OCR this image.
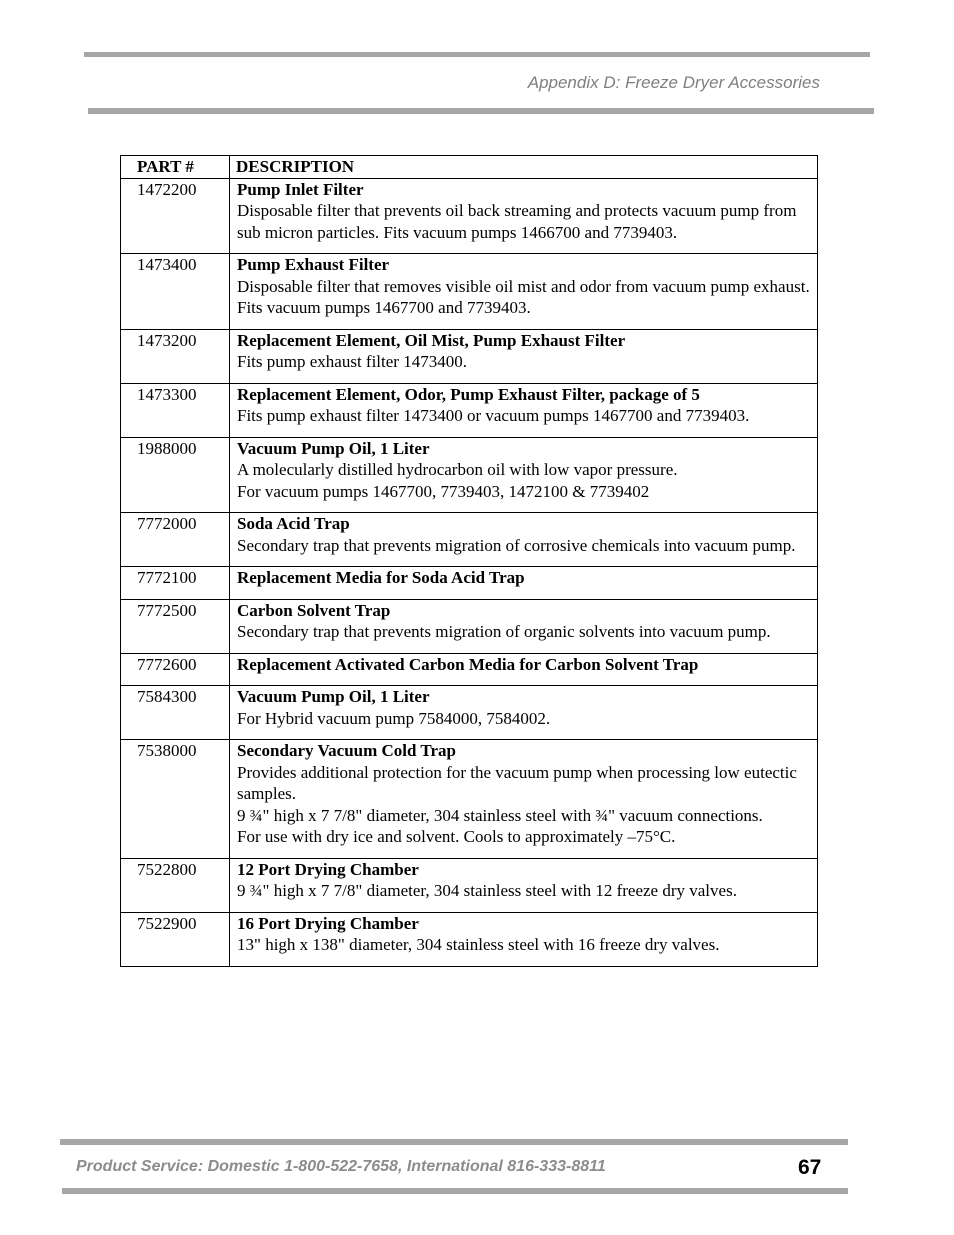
Appendix D: Freeze Dryer Accessories
PART #	DESCRIPTION
1472200	Pump Inlet Filter
Disposable filter that prevents oil back streaming and protects vacuum pump from sub micron particles. Fits vacuum pumps 1466700 and 7739403.

1473400	Pump Exhaust Filter
Disposable filter that removes visible oil mist and odor from vacuum pump exhaust. Fits vacuum pumps 1467700 and 7739403.

1473200	Replacement Element, Oil Mist, Pump Exhaust Filter
Fits pump exhaust filter 1473400.

1473300	Replacement Element, Odor, Pump Exhaust Filter, package of 5
Fits pump exhaust filter 1473400 or vacuum pumps 1467700 and 7739403.

1988000	Vacuum Pump Oil, 1 Liter
A molecularly distilled hydrocarbon oil with low vapor pressure.
For vacuum pumps 1467700, 7739403, 1472100 & 7739402

7772000	Soda Acid Trap
Secondary trap that prevents migration of corrosive chemicals into vacuum pump.

7772100	Replacement Media for Soda Acid Trap

7772500	Carbon Solvent Trap
Secondary trap that prevents migration of organic solvents into vacuum pump.

7772600	Replacement Activated Carbon Media for Carbon Solvent Trap

7584300	Vacuum Pump Oil, 1 Liter
For Hybrid vacuum pump 7584000, 7584002.

7538000	Secondary Vacuum Cold Trap
Provides additional protection for the vacuum pump when processing low eutectic samples.
9 ¾" high x 7 7/8" diameter, 304 stainless steel with ¾" vacuum connections.
For use with dry ice and solvent. Cools to approximately –75°C.

7522800	12 Port Drying Chamber
9 ¾" high x 7 7/8" diameter, 304 stainless steel with 12 freeze dry valves.

7522900	16 Port Drying Chamber
13" high x 138" diameter, 304 stainless steel with 16 freeze dry valves.
Product Service: Domestic 1-800-522-7658, International 816-333-8811	67
